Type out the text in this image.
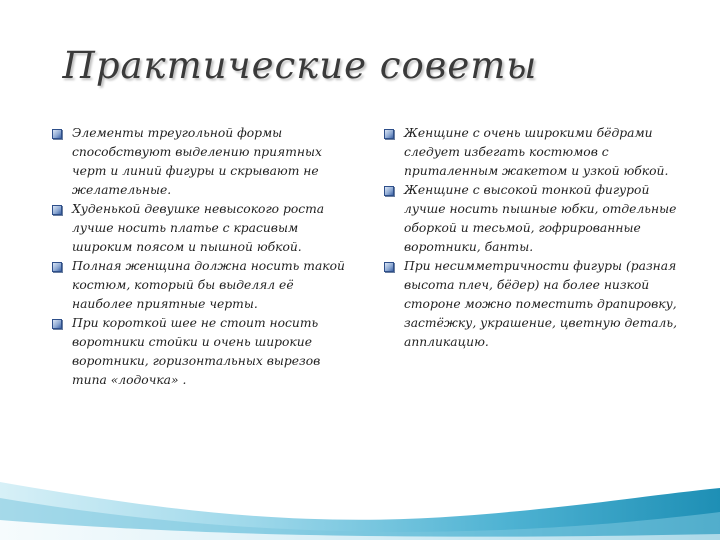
Практические советы
Элементы треугольной формы способствуют выделению приятных черт и линий фигуры и скрывают не желательные.
Худенькой девушке невысокого роста лучше носить платье с красивым широким поясом и пышной юбкой.
Полная женщина должна носить такой костюм, который бы выделял её наиболее приятные черты.
При короткой шее не стоит носить воротники стойки и очень широкие воротники, горизонтальных вырезов типа «лодочка» .
Женщине с очень широкими бёдрами следует избегать костюмов с приталенным жакетом и узкой юбкой.
Женщине с высокой тонкой фигурой лучше носить пышные юбки, отдельные оборкой и тесьмой, гофрированные воротники, банты.
При несимметричности фигуры (разная высота плеч, бёдер) на более низкой стороне можно поместить драпировку, застёжку, украшение, цветную деталь, аппликацию.
